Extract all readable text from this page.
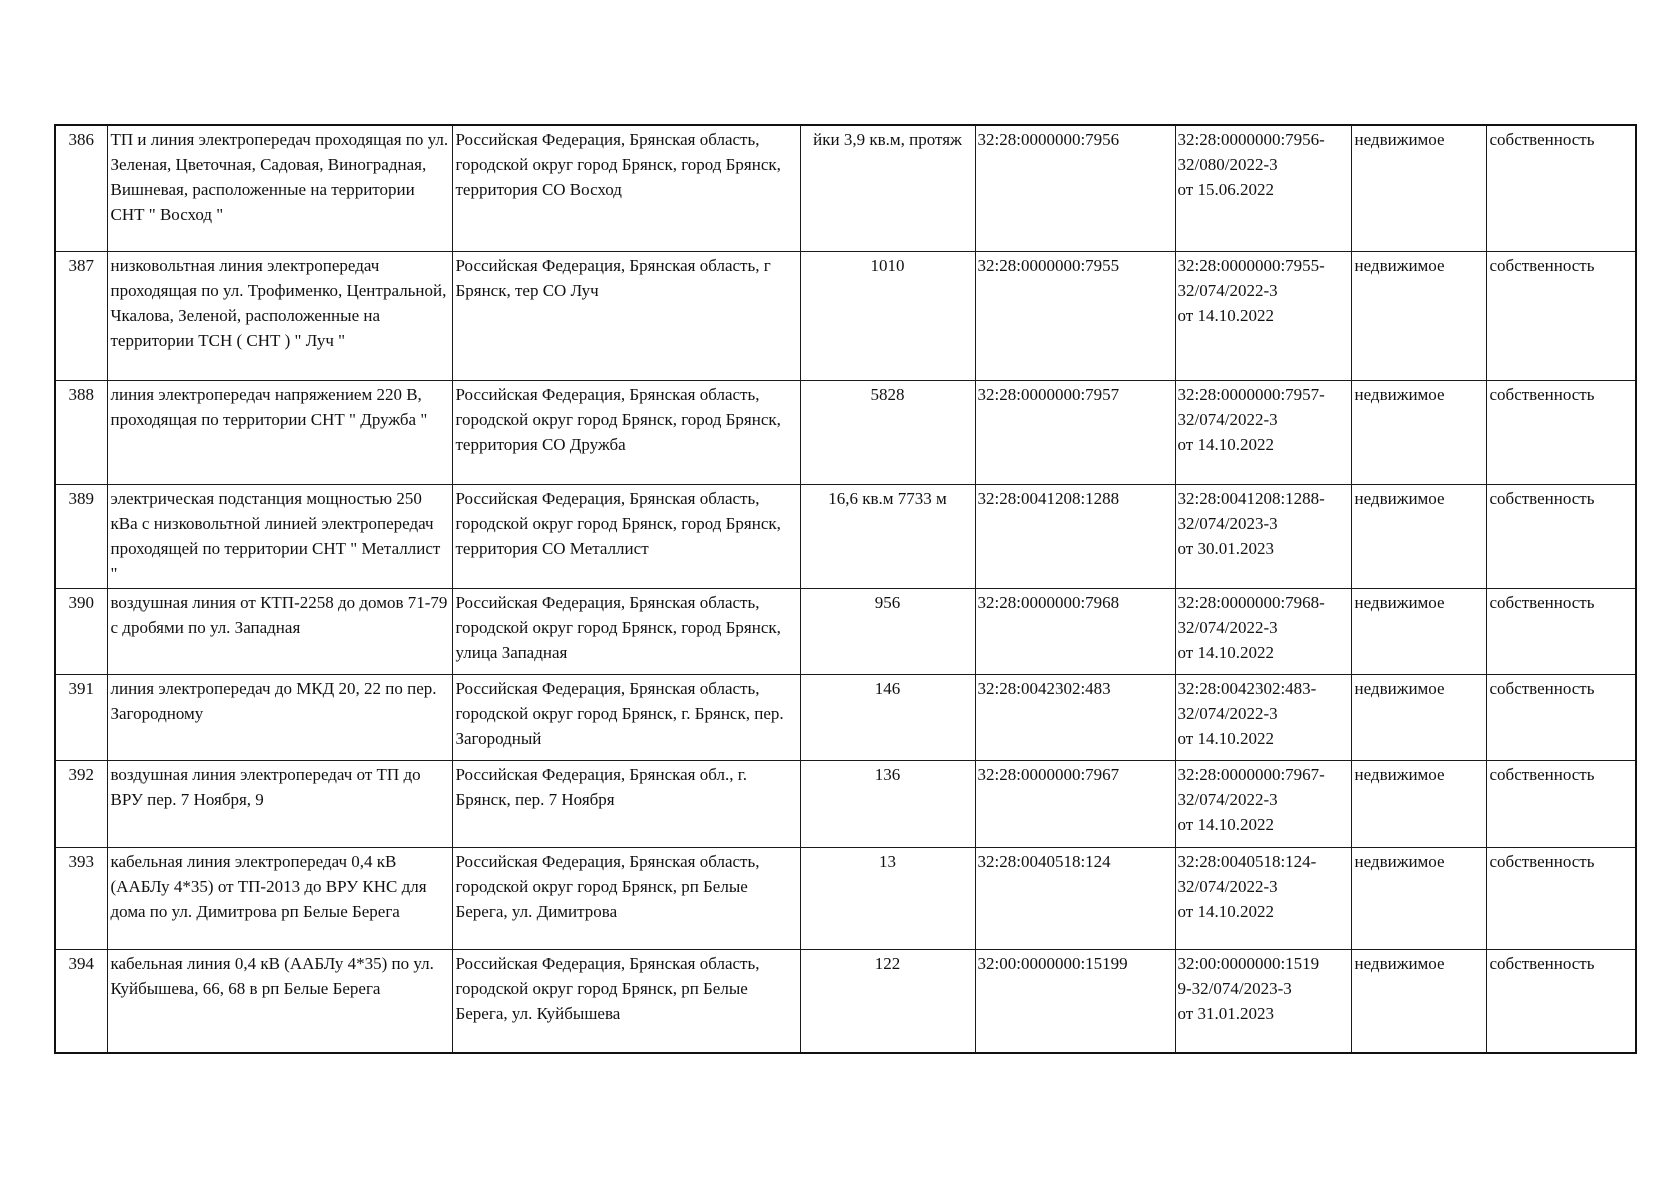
386	ТП и линия электропередач проходящая по ул. Зеленая, Цветочная, Садовая, Виноградная, Вишневая, расположенные на территории СНТ " Восход "	Российская Федерация, Брянская область, городской округ город Брянск, город Брянск, территория СО Восход	йки 3,9 кв.м, протяж	32:28:0000000:7956	32:28:0000000:7956-
32/080/2022-3
от 15.06.2022	недвижимое	собственность
387	низковольтная линия электропередач проходящая по ул. Трофименко, Центральной, Чкалова, Зеленой, расположенные на территории ТСН ( СНТ ) " Луч "	Российская Федерация, Брянская область, г Брянск, тер СО Луч	1010	32:28:0000000:7955	32:28:0000000:7955-
32/074/2022-3
от 14.10.2022	недвижимое	собственность
388	линия электропередач напряжением 220 В, проходящая по территории СНТ " Дружба "	Российская Федерация, Брянская область, городской округ город Брянск, город Брянск, территория СО Дружба	5828	32:28:0000000:7957	32:28:0000000:7957-
32/074/2022-3
от 14.10.2022	недвижимое	собственность
389	электрическая подстанция мощностью 250 кВа с низковольтной линией электропередач проходящей по территории СНТ " Металлист "	Российская Федерация, Брянская область, городской округ город Брянск, город Брянск, территория СО Металлист	16,6 кв.м 7733 м	32:28:0041208:1288	32:28:0041208:1288-
32/074/2023-3
от 30.01.2023	недвижимое	собственность
390	воздушная линия от КТП-2258 до домов 71-79 с дробями по ул. Западная	Российская Федерация, Брянская область, городской округ город Брянск, город Брянск, улица Западная	956	32:28:0000000:7968	32:28:0000000:7968-
32/074/2022-3
от 14.10.2022	недвижимое	собственность
391	линия электропередач до МКД 20, 22 по пер. Загородному	Российская Федерация, Брянская область, городской округ город Брянск, г. Брянск, пер. Загородный	146	32:28:0042302:483	32:28:0042302:483-
32/074/2022-3
от 14.10.2022	недвижимое	собственность
392	воздушная линия электропередач от ТП до ВРУ пер. 7 Ноября, 9	Российская Федерация, Брянская обл., г. Брянск, пер. 7 Ноября	136	32:28:0000000:7967	32:28:0000000:7967-
32/074/2022-3
от 14.10.2022	недвижимое	собственность
393	кабельная линия электропередач 0,4 кВ (ААБЛу 4*35) от ТП-2013 до ВРУ КНС для дома по ул. Димитрова рп Белые Берега	Российская Федерация, Брянская область, городской округ город Брянск, рп Белые Берега, ул. Димитрова	13	32:28:0040518:124	32:28:0040518:124-
32/074/2022-3
от 14.10.2022	недвижимое	собственность
394	кабельная линия 0,4 кВ (ААБЛу 4*35) по ул. Куйбышева, 66, 68 в рп Белые Берега	Российская Федерация, Брянская область, городской округ город Брянск, рп Белые Берега, ул. Куйбышева	122	32:00:0000000:15199	32:00:0000000:1519
9-32/074/2023-3
от 31.01.2023	недвижимое	собственность
